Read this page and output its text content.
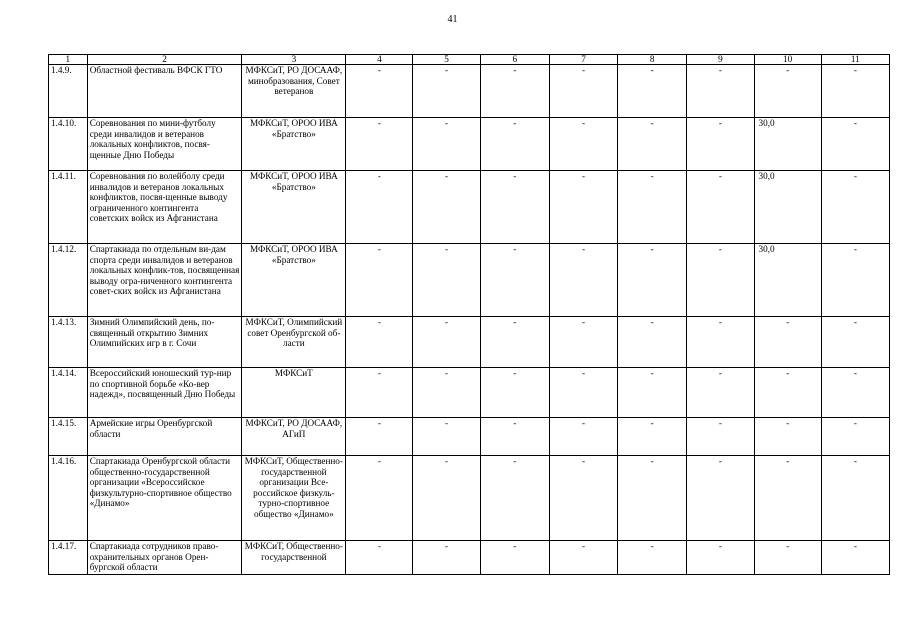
41
1	2	3	4	5	6	7	8	9	10	11
1.4.9.	Областной фестиваль ВФСК ГТО	МФКСиТ, РО ДОСААФ, минобразования, Совет ветеранов	-	-	-	-	-	-	-	-
1.4.10.	Соревнования по мини-футболу среди инвалидов и ветеранов локальных конфликтов, посвя-щенные Дню Победы	МФКСиТ, ОРОО ИВА «Братство»	-	-	-	-	-	-	30,0	-
1.4.11.	Соревнования по волейболу среди инвалидов и ветеранов локальных конфликтов, посвя-щенные выводу ограниченного контингента советских войск из Афганистана	МФКСиТ, ОРОО ИВА «Братство»	-	-	-	-	-	-	30,0	-
1.4.12.	Спартакиада по отдельным ви-дам спорта среди инвалидов и ветеранов локальных конфлик-тов, посвященная выводу огра-ниченного контингента совет-ских войск из Афганистана	МФКСиТ, ОРОО ИВА «Братство»	-	-	-	-	-	-	30,0	-
1.4.13.	Зимний Олимпийский день, по-священный открытию Зимних Олимпийских игр в г. Сочи	МФКСиТ, Олимпийский совет Оренбургской об-ласти	-	-	-	-	-	-	-	-
1.4.14.	Всероссийский юношеский тур-нир по спортивной борьбе «Ко-вер надежд», посвященный Дню Победы	МФКСиТ	-	-	-	-	-	-	-	-
1.4.15.	Армейские игры Оренбургской области	МФКСиТ, РО ДОСААФ, АГиП	-	-	-	-	-	-	-	-
1.4.16.	Спартакиада Оренбургской области общественно-государственной организации «Всероссийское физкультурно-спортивное общество «Динамо»	МФКСиТ, Общественно-государственной организации Все-российское физкуль-турно-спортивное общество «Динамо»	-	-	-	-	-	-	-	-
1.4.17.	Спартакиада сотрудников право-охранительных органов Орен-бургской области	МФКСиТ, Общественно-государственной	-	-	-	-	-	-	-	-
